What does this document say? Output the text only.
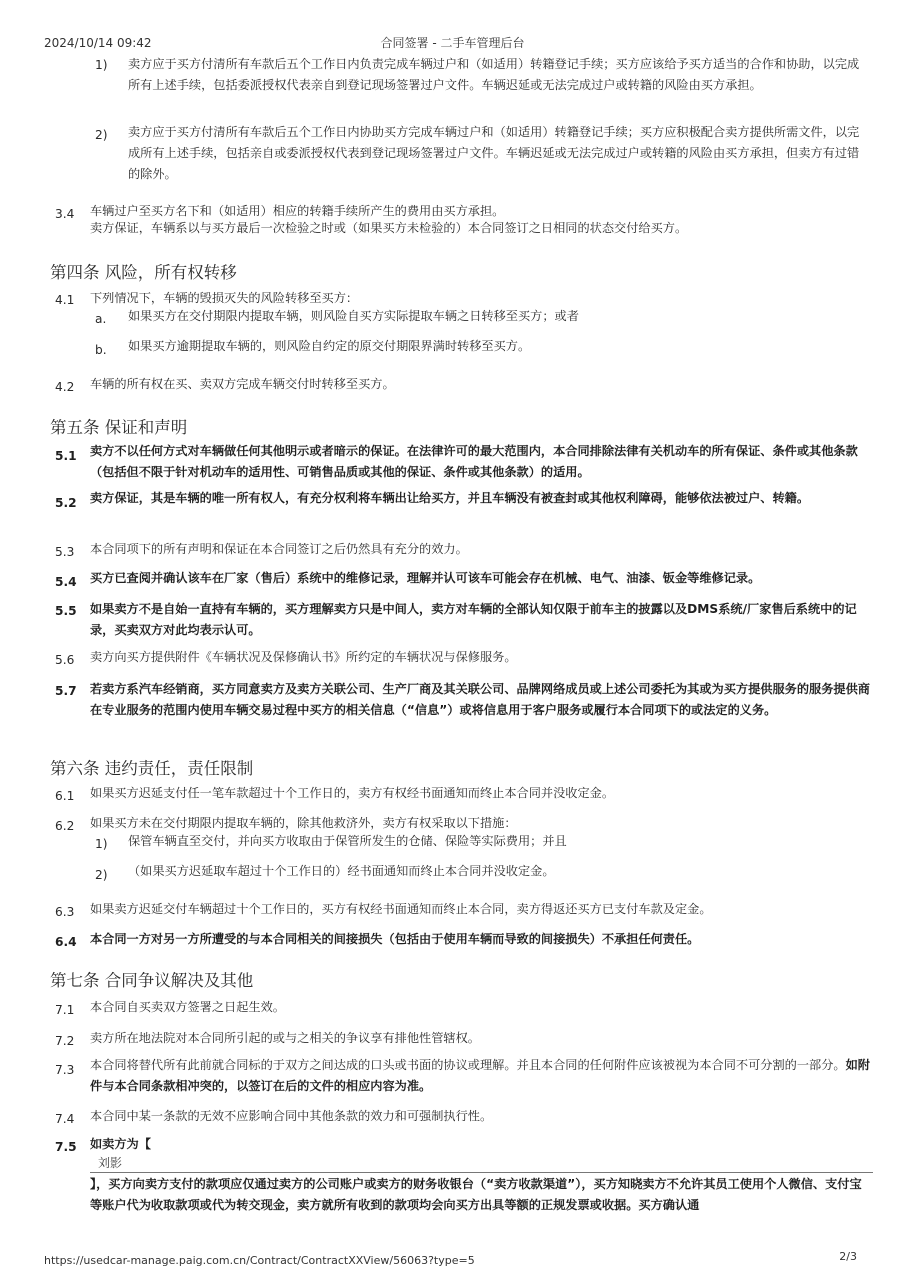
2024/10/14 09:42	合同签署 - 二手车管理后台
1) 卖方应于买方付清所有车款后五个工作日内负责完成车辆过户和（如适用）转籍登记手续；买方应该给予买方适当的合作和协助，以完成所有上述手续，包括委派授权代表亲自到登记现场签署过户文件。车辆迟延或无法完成过户或转籍的风险由买方承担。
2) 卖方应于买方付清所有车款后五个工作日内协助买方完成车辆过户和（如适用）转籍登记手续；买方应积极配合卖方提供所需文件，以完成所有上述手续，包括亲自或委派授权代表到登记现场签署过户文件。车辆迟延或无法完成过户或转籍的风险由买方承担，但卖方有过错的除外。
3.4 车辆过户至买方名下和（如适用）相应的转籍手续所产生的费用由买方承担。
卖方保证，车辆系以与买方最后一次检验之时或（如果买方未检验的）本合同签订之日相同的状态交付给买方。
第四条 风险，所有权转移
4.1 下列情况下，车辆的毁损灭失的风险转移至买方：
a. 如果买方在交付期限内提取车辆，则风险自买方实际提取车辆之日转移至买方；或者
b. 如果买方逾期提取车辆的，则风险自约定的原交付期限界满时转移至买方。
4.2 车辆的所有权在买、卖双方完成车辆交付时转移至买方。
第五条 保证和声明
5.1 卖方不以任何方式对车辆做任何其他明示或者暗示的保证。在法律许可的最大范围内，本合同排除法律有关机动车的所有保证、条件或其他条款（包括但不限于针对机动车的适用性、可销售品质或其他的保证、条件或其他条款）的适用。
5.2 卖方保证，其是车辆的唯一所有权人，有充分权利将车辆出让给买方，并且车辆没有被查封或其他权利障碍，能够依法被过户、转籍。
5.3 本合同项下的所有声明和保证在本合同签订之后仍然具有充分的效力。
5.4 买方已查阅并确认该车在厂家（售后）系统中的维修记录，理解并认可该车可能会存在机械、电气、油漆、钣金等维修记录。
5.5 如果卖方不是自始一直持有车辆的，买方理解卖方只是中间人，卖方对车辆的全部认知仅限于前车主的披露以及DMS系统/厂家售后系统中的记录，买卖双方对此均表示认可。
5.6 卖方向买方提供附件《车辆状况及保修确认书》所约定的车辆状况与保修服务。
5.7 若卖方系汽车经销商，买方同意卖方及卖方关联公司、生产厂商及其关联公司、品牌网络成员或上述公司委托为其或为买方提供服务的服务提供商在专业服务的范围内使用车辆交易过程中买方的相关信息（“信息”）或将信息用于客户服务或履行本合同项下的或法定的义务。
第六条 违约责任，责任限制
6.1 如果买方迟延支付任一笔车款超过十个工作日的，卖方有权经书面通知而终止本合同并没收定金。
6.2 如果买方未在交付期限内提取车辆的，除其他救济外，卖方有权采取以下措施：
1) 保管车辆直至交付，并向买方收取由于保管所发生的仓储、保险等实际费用；并且
2) （如果买方迟延取车超过十个工作日的）经书面通知而终止本合同并没收定金。
6.3 如果卖方迟延交付车辆超过十个工作日的，买方有权经书面通知而终止本合同，卖方得返还买方已支付车款及定金。
6.4 本合同一方对另一方所遭受的与本合同相关的间接损失（包括由于使用车辆而导致的间接损失）不承担任何责任。
第七条 合同争议解决及其他
7.1 本合同自买卖双方签署之日起生效。
7.2 卖方所在地法院对本合同所引起的或与之相关的争议享有排他性管辖权。
7.3 本合同将替代所有此前就合同标的于双方之间达成的口头或书面的协议或理解。并且本合同的任何附件应该被视为本合同不可分割的一部分。如附件与本合同条款相冲突的，以签订在后的文件的相应内容为准。
7.4 本合同中某一条款的无效不应影响合同中其他条款的效力和可强制执行性。
7.5 如卖方为【
刘影
】，买方向卖方支付的款项应仅通过卖方的公司账户或卖方的财务收银台（“卖方收款渠道”），买方知晓卖方不允许其员工使用个人微信、支付宝等账户代为收取款项或代为转交现金，卖方就所有收到的款项均会向买方出具等额的正规发票或收据。买方确认通
https://usedcar-manage.paig.com.cn/Contract/ContractXXView/56063?type=5	2/3
